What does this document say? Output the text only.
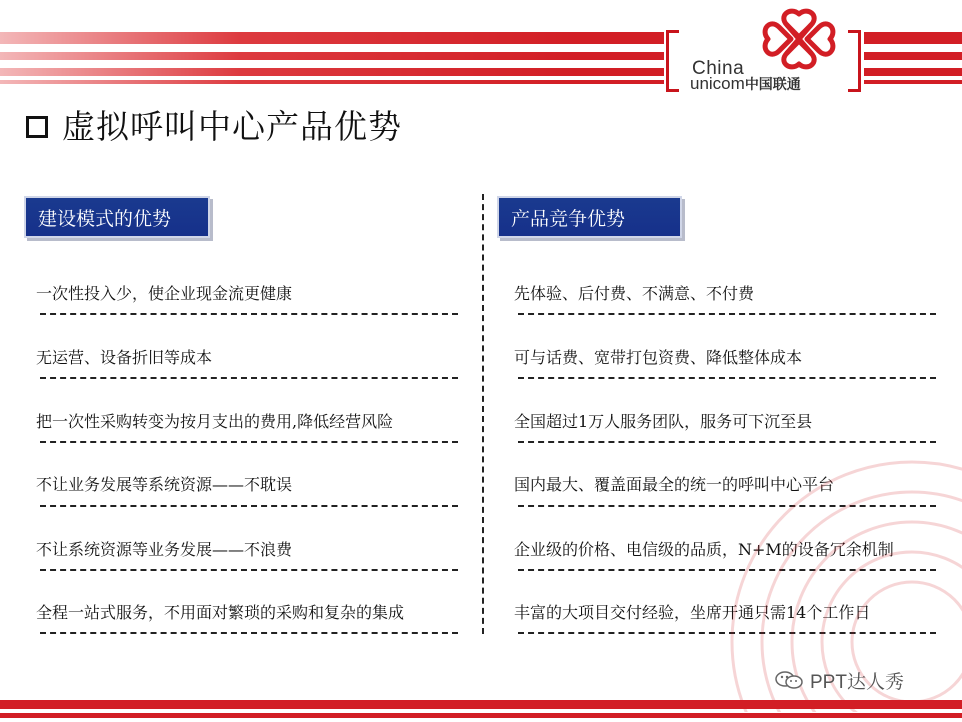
China
unicom中国联通
虚拟呼叫中心产品优势
建设模式的优势	产品竞争优势
一次性投入少，使企业现金流更健康
无运营、设备折旧等成本
把一次性采购转变为按月支出的费用,降低经营风险
不让业务发展等系统资源——不耽误
不让系统资源等业务发展——不浪费
全程一站式服务，不用面对繁琐的采购和复杂的集成
先体验、后付费、不满意、不付费
可与话费、宽带打包资费、降低整体成本
全国超过1万人服务团队，服务可下沉至县
国内最大、覆盖面最全的统一的呼叫中心平台
企业级的价格、电信级的品质，N+M的设备冗余机制
丰富的大项目交付经验，坐席开通只需14个工作日
PPT达人秀
